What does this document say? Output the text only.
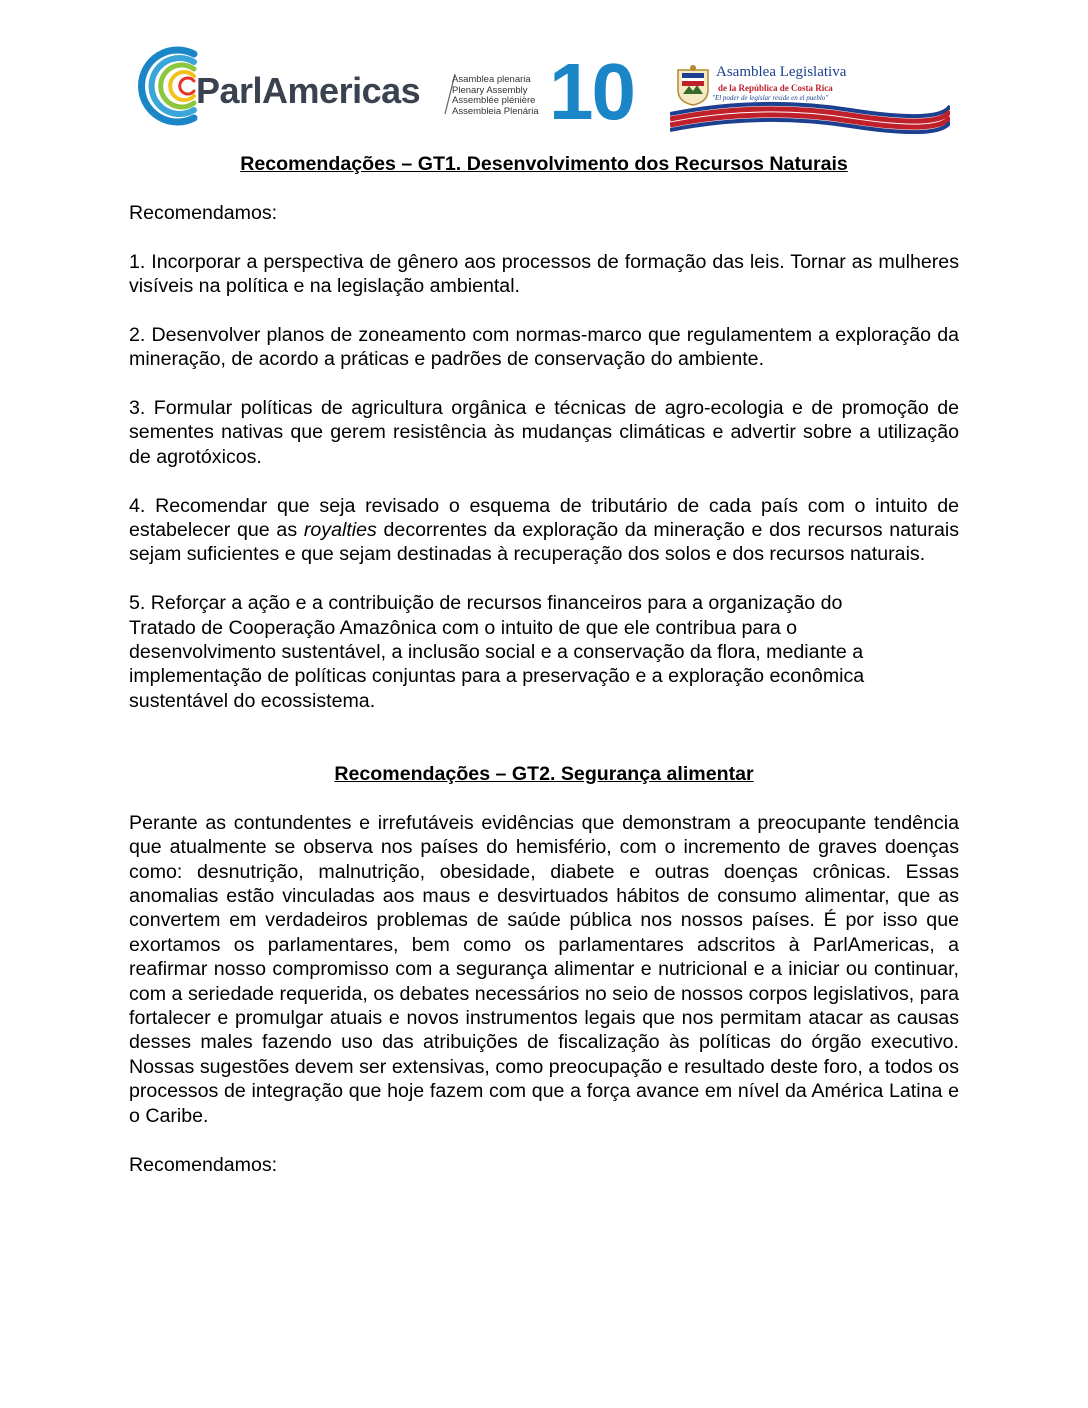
ParlAmericas	Asamblea plenaria
Plenary Assembly
Assemblée plénière
Assembleia Plenária 10	Asamblea Legislativa
de la República de Costa Rica
"El poder de legislar reside en el pueblo"

Recomendações – GT1. Desenvolvimento dos Recursos Naturais

Recomendamos:

1. Incorporar a perspectiva de gênero aos processos de formação das leis. Tornar as mulheres visíveis na política e na legislação ambiental.

2. Desenvolver planos de zoneamento com normas-marco que regulamentem a exploração da mineração, de acordo a práticas e padrões de conservação do ambiente.

3. Formular políticas de agricultura orgânica e técnicas de agro-ecologia e de promoção de sementes nativas que gerem resistência às mudanças climáticas e advertir sobre a utilização de agrotóxicos.

4. Recomendar que seja revisado o esquema de tributário de cada país com o intuito de estabelecer que as royalties decorrentes da exploração da mineração e dos recursos naturais sejam suficientes e que sejam destinadas à recuperação dos solos e dos recursos naturais.

5. Reforçar a ação e a contribuição de recursos financeiros para a organização do
Tratado de Cooperação Amazônica com o intuito de que ele contribua para o
desenvolvimento sustentável, a inclusão social e a conservação da flora, mediante a
implementação de políticas conjuntas para a preservação e a exploração econômica
sustentável do ecossistema.

Recomendações – GT2. Segurança alimentar

Perante as contundentes e irrefutáveis evidências que demonstram a preocupante tendência que atualmente se observa nos países do hemisfério, com o incremento de graves doenças como: desnutrição, malnutrição, obesidade, diabete e outras doenças crônicas. Essas anomalias estão vinculadas aos maus e desvirtuados hábitos de consumo alimentar, que as convertem em verdadeiros problemas de saúde pública nos nossos países. É por isso que exortamos os parlamentares, bem como os parlamentares adscritos à ParlAmericas, a reafirmar nosso compromisso com a segurança alimentar e nutricional e a iniciar ou continuar, com a seriedade requerida, os debates necessários no seio de nossos corpos legislativos, para fortalecer e promulgar atuais e novos instrumentos legais que nos permitam atacar as causas desses males fazendo uso das atribuições de fiscalização às políticas do órgão executivo. Nossas sugestões devem ser extensivas, como preocupação e resultado deste foro, a todos os processos de integração que hoje fazem com que a força avance em nível da América Latina e o Caribe.

Recomendamos:
